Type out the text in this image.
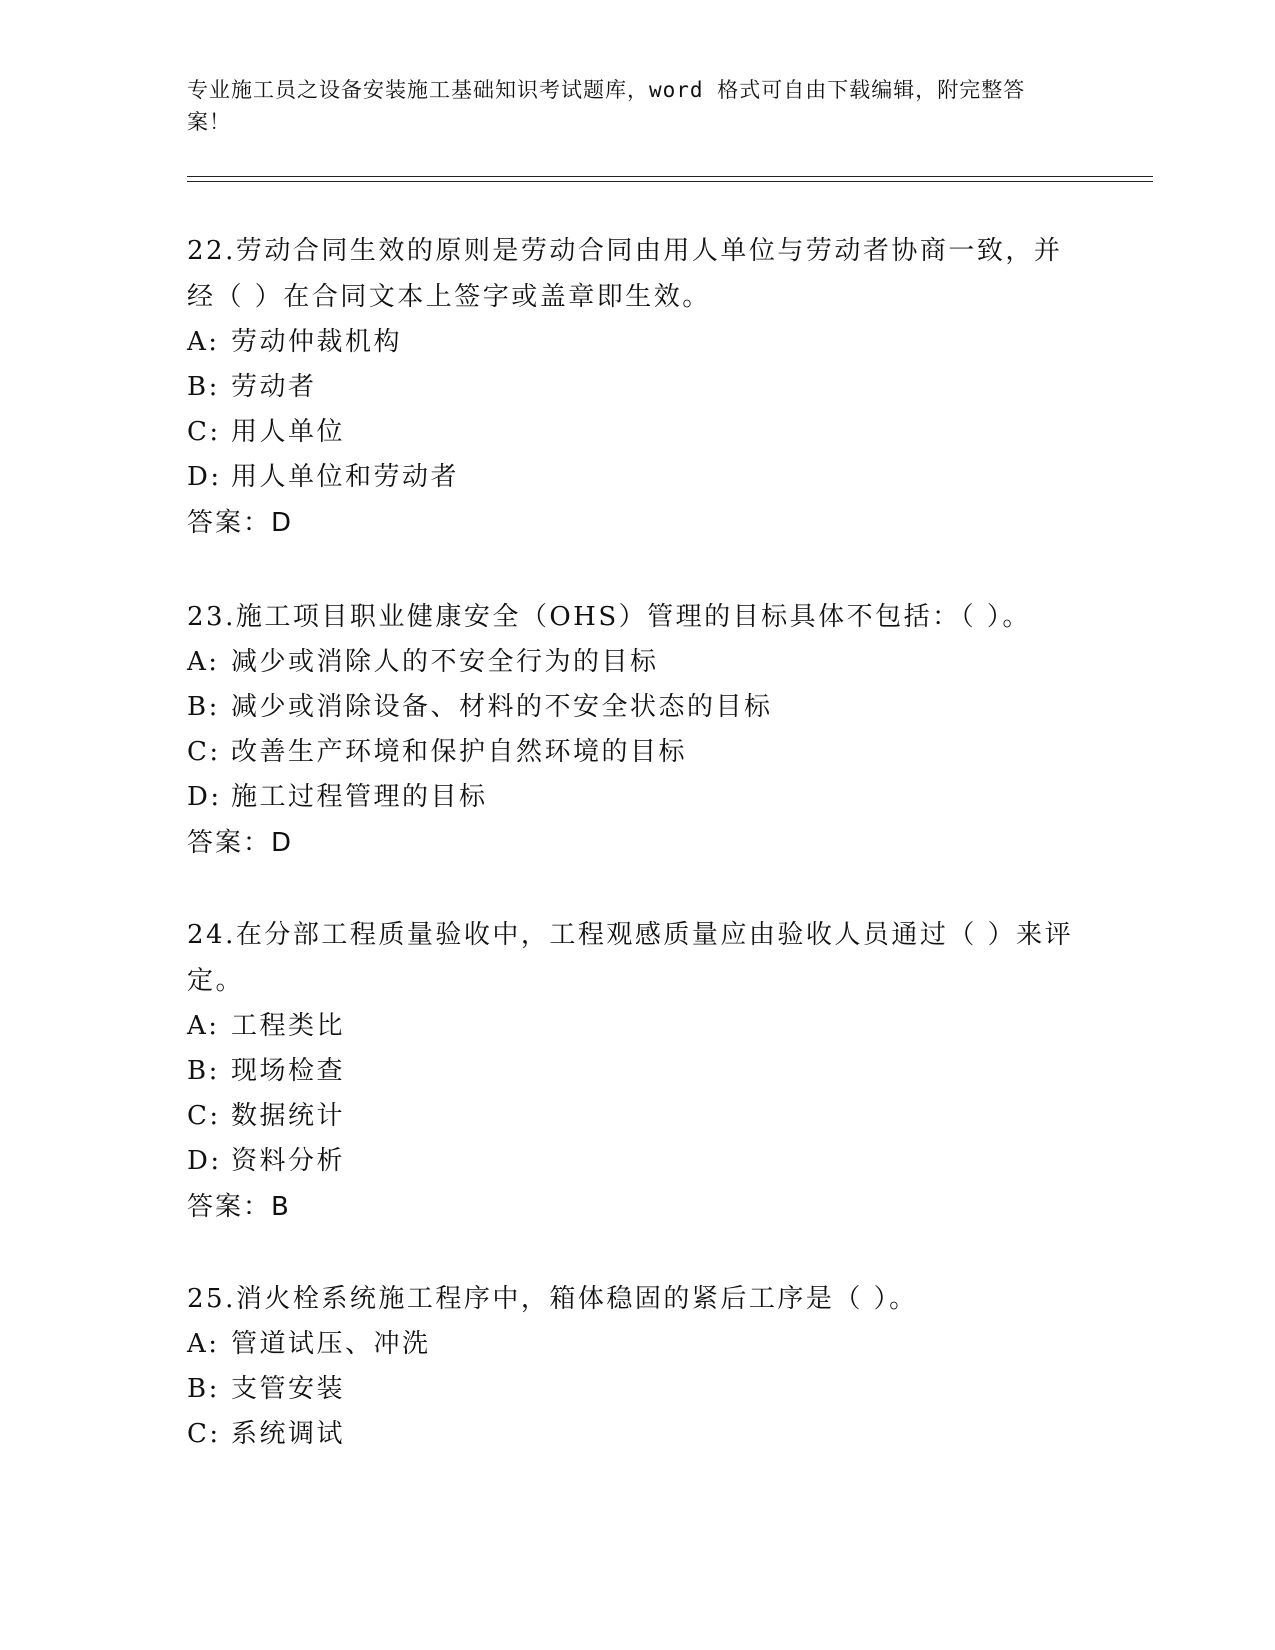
专业施工员之设备安装施工基础知识考试题库，word 格式可自由下载编辑，附完整答案！

22.劳动合同生效的原则是劳动合同由用人单位与劳动者协商一致，并经（ ）在合同文本上签字或盖章即生效。

A: 劳动仲裁机构

B: 劳动者

C: 用人单位

D: 用人单位和劳动者

答案：D

23.施工项目职业健康安全（OHS）管理的目标具体不包括：（ ）。

A: 减少或消除人的不安全行为的目标

B: 减少或消除设备、材料的不安全状态的目标

C: 改善生产环境和保护自然环境的目标

D: 施工过程管理的目标

答案：D

24.在分部工程质量验收中，工程观感质量应由验收人员通过（ ）来评定。

A: 工程类比

B: 现场检查

C: 数据统计

D: 资料分析

答案：B

25.消火栓系统施工程序中，箱体稳固的紧后工序是（ ）。

A: 管道试压、冲洗

B: 支管安装

C: 系统调试
